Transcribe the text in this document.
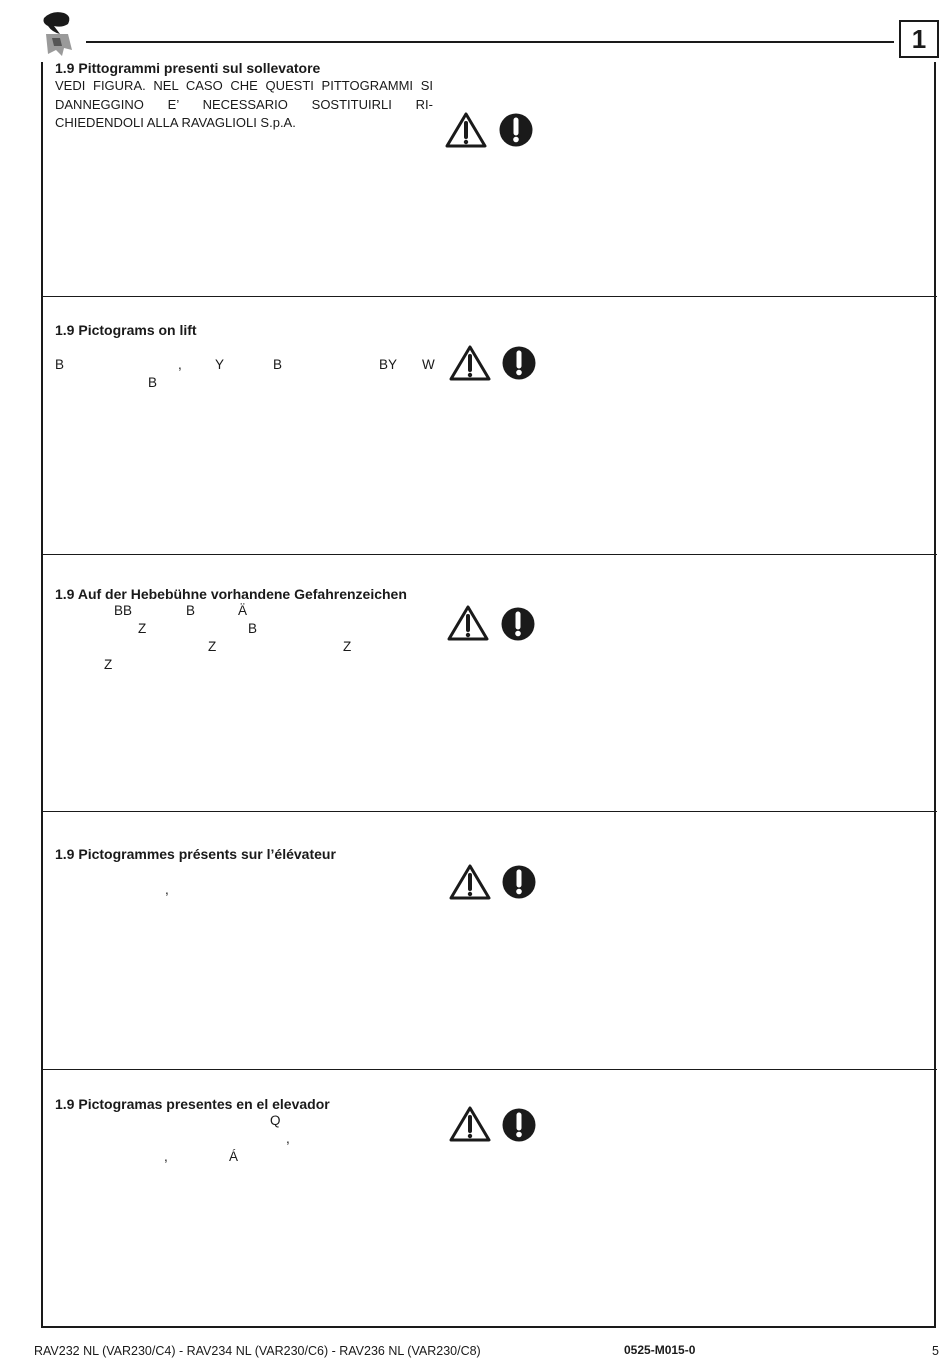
1
1.9 Pittogrammi presenti sul sollevatore
VEDI FIGURA. NEL CASO CHE QUESTI PITTOGRAMMI SI DANNEGGINO E’ NECESSARIO SOSTITUIRLI RI-CHIEDENDOLI ALLA RAVAGLIOLI S.p.A.
1.9 Pictograms on lift
B	, Y	B	BY W
B
1.9 Auf der Hebebühne vorhandene Gefahrenzeichen
BB	B	Ä
Z	B
Z	Z
Z
1.9 Pictogrammes présents sur l’élévateur
,
1.9 Pictogramas presentes en el elevador
Q
,
,	Á
RAV232 NL (VAR230/C4) - RAV234 NL (VAR230/C6) - RAV236 NL (VAR230/C8)	0525-M015-0	5
